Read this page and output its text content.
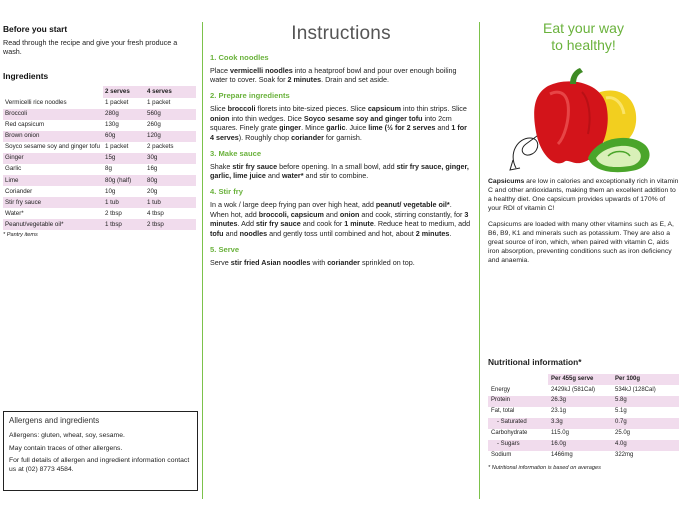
Before you start

Read through the recipe and give your fresh produce a wash.

Ingredients
	2 serves	4 serves
Vermicelli rice noodles	1 packet	1 packet
Broccoli	280g	560g
Red capsicum	130g	260g
Brown onion	60g	120g
Soyco sesame soy and ginger tofu	1 packet	2 packets
Ginger	15g	30g
Garlic	8g	16g
Lime	80g (half)	80g
Coriander	10g	20g
Stir fry sauce	1 tub	1 tub
Water*	2 tbsp	4 tbsp
Peanut/vegetable oil*	1 tbsp	2 tbsp

* Pantry items

Allergens and ingredients

Allergens: gluten, wheat, soy, sesame.

May contain traces of other allergens.

For full details of allergen and ingredient information contact us at (02) 8773 4584.

Instructions
1. Cook noodles

Place vermicelli noodles into a heatproof bowl and pour over enough boiling water to cover. Soak for 2 minutes. Drain and set aside.

2. Prepare ingredients

Slice broccoli florets into bite-sized pieces. Slice capsicum into thin strips. Slice onion into thin wedges. Dice Soyco sesame soy and ginger tofu into 2cm squares. Finely grate ginger. Mince garlic. Juice lime (½ for 2 serves and 1 for 4 serves). Roughly chop coriander for garnish.

3. Make sauce

Shake stir fry sauce before opening. In a small bowl, add stir fry sauce, ginger, garlic, lime juice and water* and stir to combine.

4. Stir fry

In a wok / large deep frying pan over high heat, add peanut/ vegetable oil*. When hot, add broccoli, capsicum and onion and cook, stirring constantly, for 3 minutes. Add stir fry sauce and cook for 1 minute. Reduce heat to medium, add tofu and noodles and gently toss until combined and hot, about 2 minutes.

5. Serve

Serve stir fried Asian noodles with coriander sprinkled on top.

Eat your way
to healthy!

Capsicums are low in calories and exceptionally rich in vitamin C and other antioxidants, making them an excellent addition to a healthy diet. One capsicum provides upwards of 170% of your RDI of vitamin C!

Capsicums are loaded with many other vitamins such as E, A, B6, B9, K1 and minerals such as potassium. They are also a great source of iron, which, when paired with vitamin C, aids iron absorption, preventing conditions such as iron deficiency and anaemia.

Nutritional information*
	Per 455g serve	Per 100g
Energy	2429kJ (581Cal)	534kJ (128Cal)
Protein	26.3g	5.8g
Fat, total	23.1g	5.1g
- Saturated	3.3g	0.7g
Carbohydrate	115.0g	25.0g
- Sugars	16.0g	4.0g
Sodium	1466mg	322mg

* Nutritional information is based on averages
